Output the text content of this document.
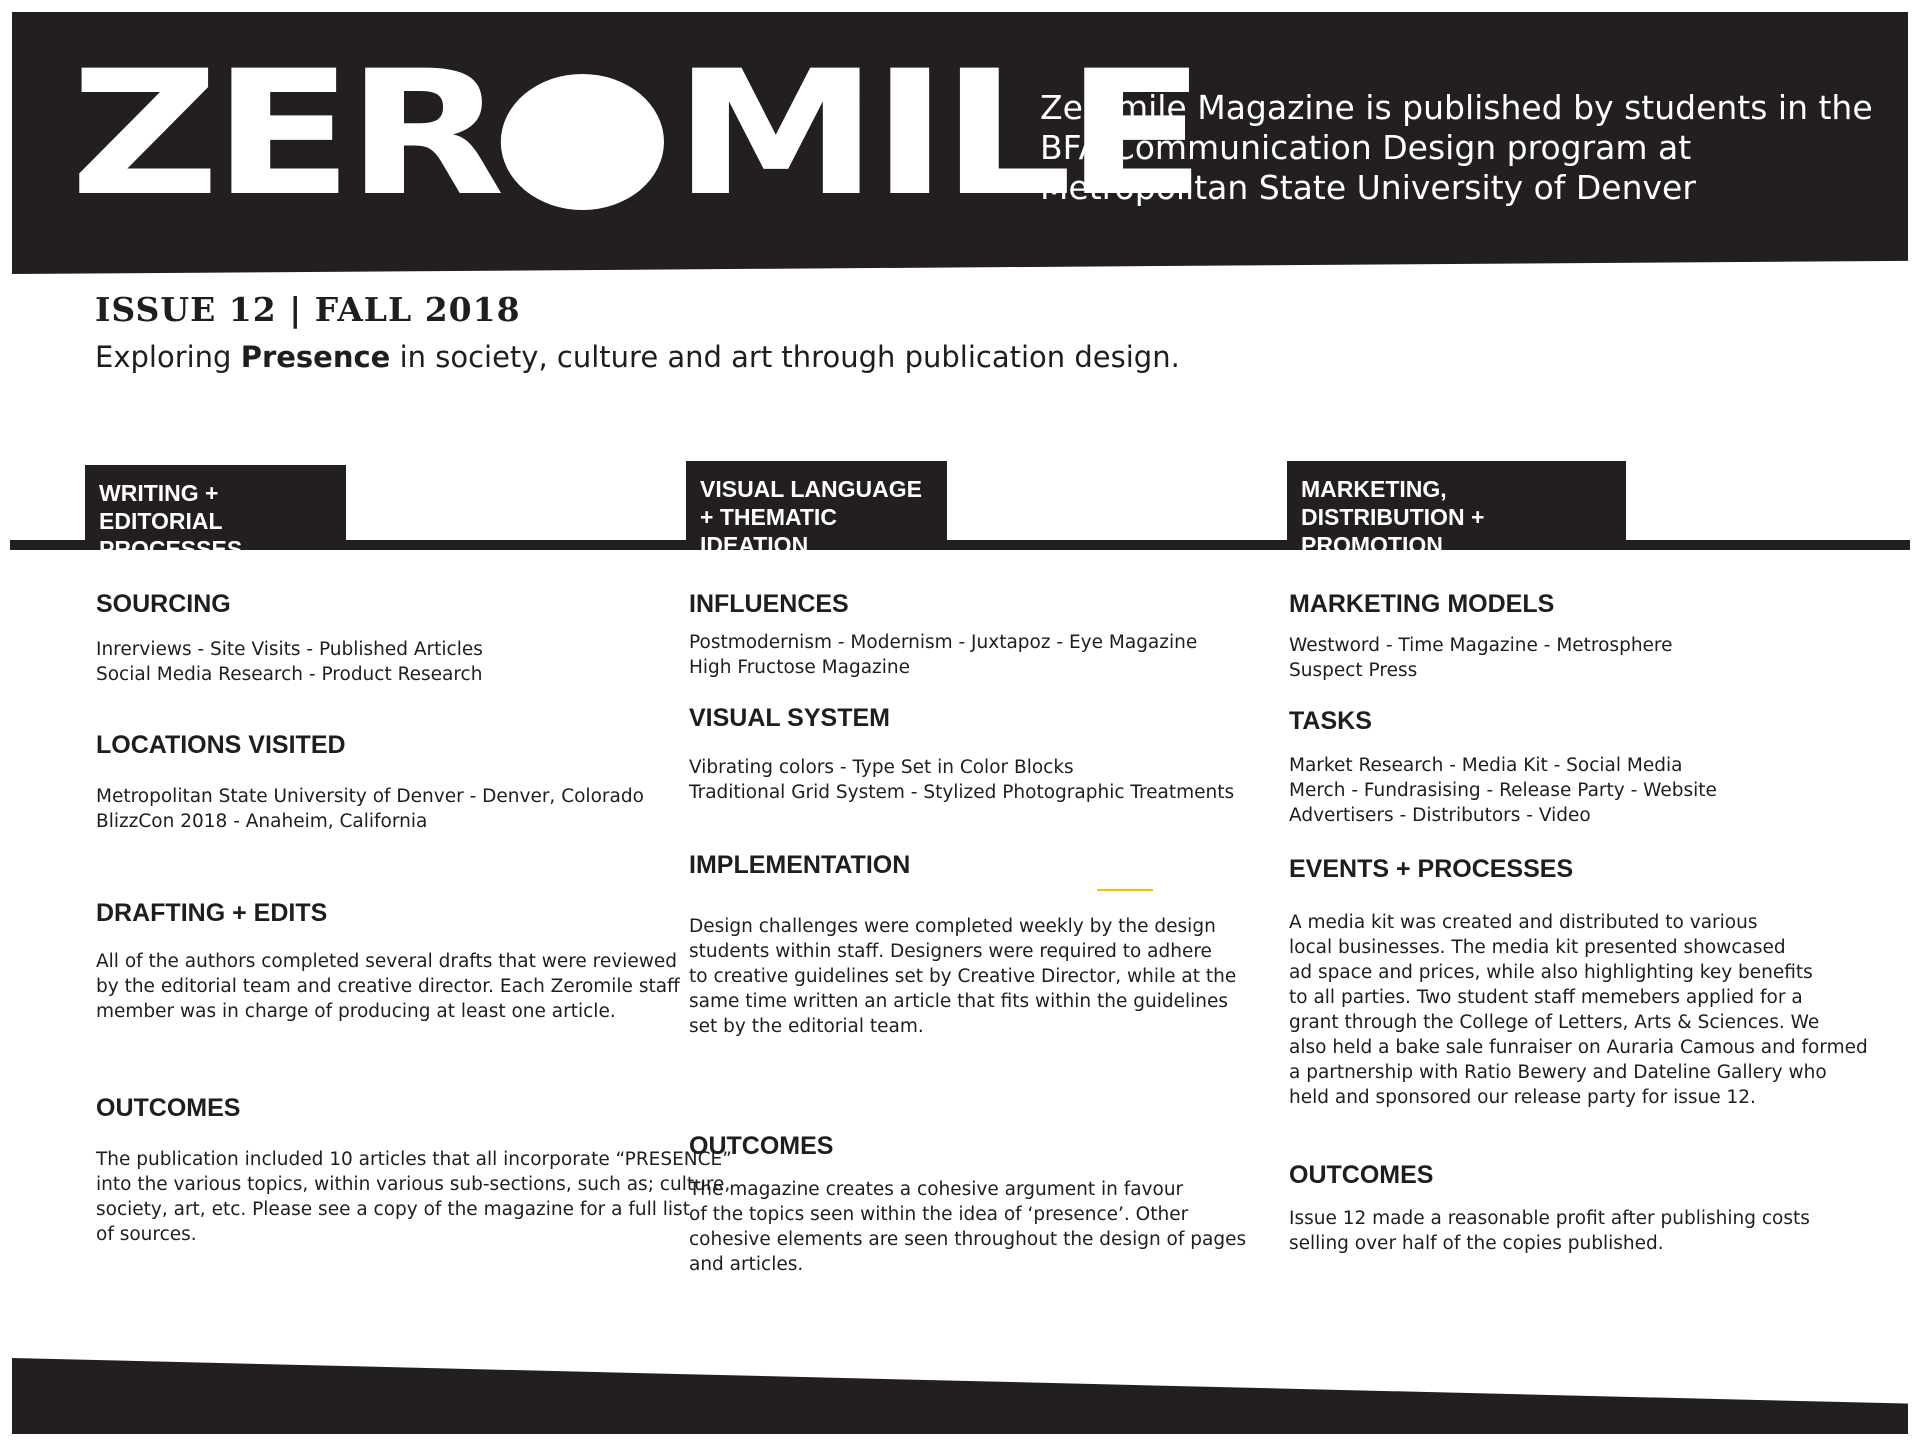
ZER MILE
Zeromile Magazine is published by students in the BFA Communication Design program at Metropolitan State University of Denver
ISSUE 12 | FALL 2018
Exploring Presence in society, culture and art through publication design.
WRITING + EDITORIAL PROCESSES
VISUAL LANGUAGE + THEMATIC IDEATION
MARKETING, DISTRIBUTION + PROMOTION
SOURCING
Inrerviews - Site Visits - Published Articles
Social Media Research - Product Research
LOCATIONS VISITED
Metropolitan State University of Denver - Denver, Colorado
BlizzCon 2018 - Anaheim, California
DRAFTING + EDITS
All of the authors completed several drafts that were reviewed
by the editorial team and creative director. Each Zeromile staff
member was in charge of producing at least one article.
OUTCOMES
The publication included 10 articles that all incorporate “PRESENCE”
into the various topics, within various sub-sections, such as; culture,
society, art, etc. Please see a copy of the magazine for a full list
of sources.
INFLUENCES
Postmodernism - Modernism - Juxtapoz - Eye Magazine
High Fructose Magazine
VISUAL SYSTEM
Vibrating colors - Type Set in Color Blocks
Traditional Grid System - Stylized Photographic Treatments
IMPLEMENTATION
Design challenges were completed weekly by the design
students within staff. Designers were required to adhere
to creative guidelines set by Creative Director, while at the
same time written an article that fits within the guidelines
set by the editorial team.
OUTCOMES
The magazine creates a cohesive argument in favour
of the topics seen within the idea of ‘presence’. Other
cohesive elements are seen throughout the design of pages
and articles.
MARKETING MODELS
Westword - Time Magazine - Metrosphere
Suspect Press
TASKS
Market Research - Media Kit - Social Media
Merch - Fundrasising - Release Party - Website
Advertisers - Distributors - Video
EVENTS + PROCESSES
A media kit was created and distributed to various
local businesses. The media kit presented showcased
ad space and prices, while also highlighting key benefits
to all parties. Two student staff memebers applied for a
grant through the College of Letters, Arts & Sciences. We
also held a bake sale funraiser on Auraria Camous and formed
a partnership with Ratio Bewery and Dateline Gallery who
held and sponsored our release party for issue 12.
OUTCOMES
Issue 12 made a reasonable profit after publishing costs
selling over half of the copies published.
